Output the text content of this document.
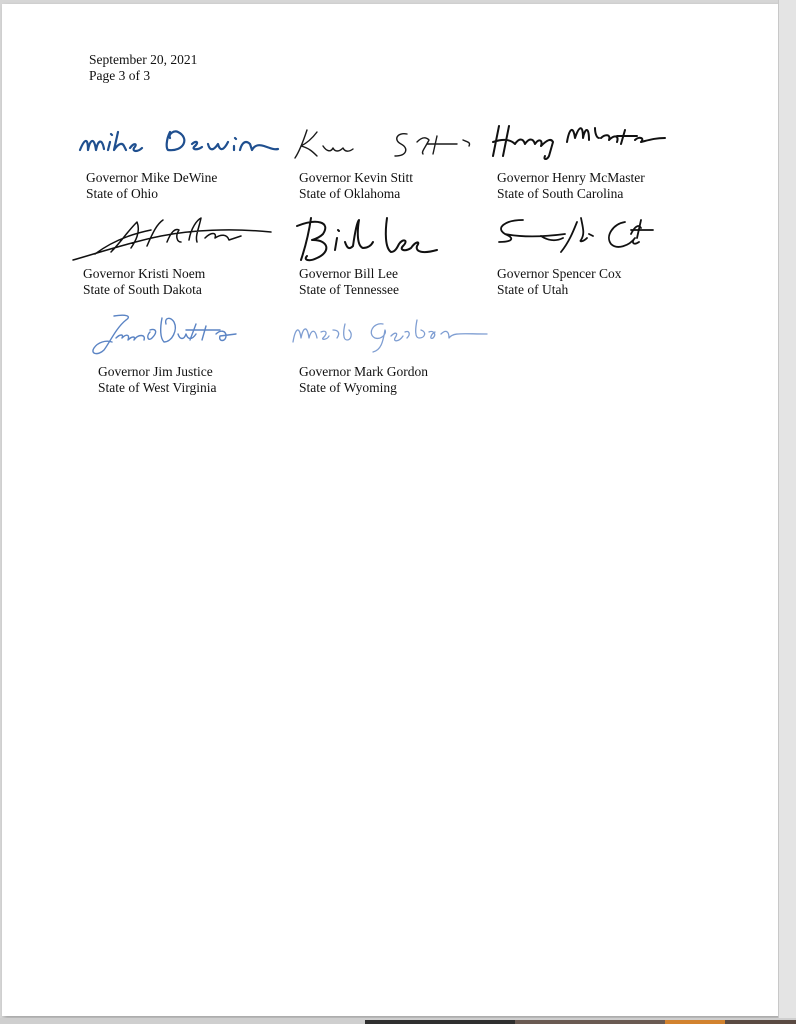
September 20, 2021
Page 3 of 3
Governor Mike DeWine
State of Ohio
Governor Kevin Stitt
State of Oklahoma
Governor Henry McMaster
State of South Carolina
Governor Kristi Noem
State of South Dakota
Governor Bill Lee
State of Tennessee
Governor Spencer Cox
State of Utah
Governor Jim Justice
State of West Virginia
Governor Mark Gordon
State of Wyoming
